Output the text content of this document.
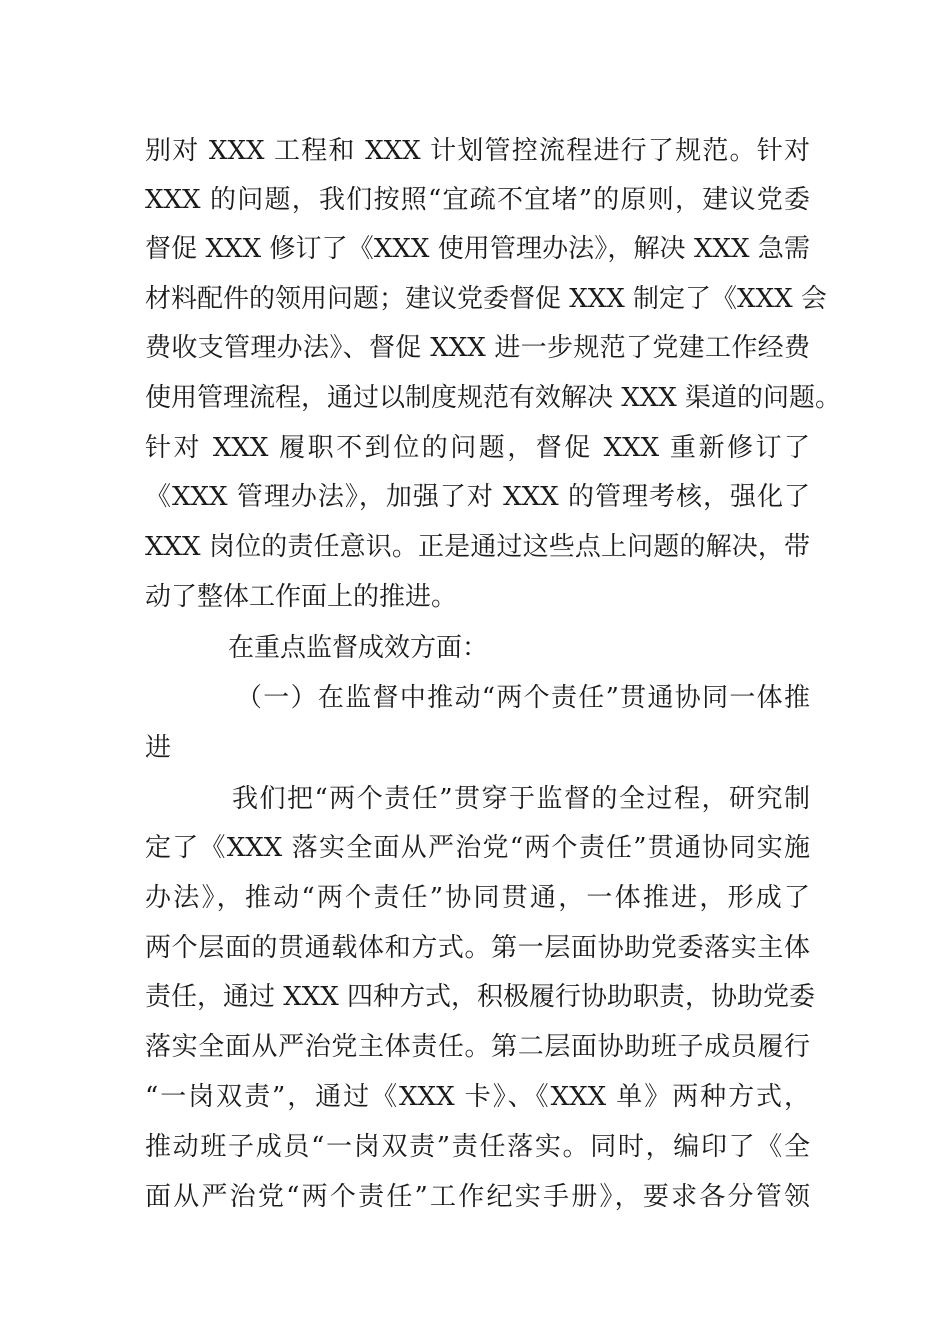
别对 XXX 工程和 XXX 计划管控流程进行了规范。针对
XXX 的问题，我们按照“宜疏不宜堵”的原则，建议党委
督促 XXX 修订了《XXX 使用管理办法》，解决 XXX 急需
材料配件的领用问题；建议党委督促 XXX 制定了《XXX 会
费收支管理办法》、督促 XXX 进一步规范了党建工作经费
使用管理流程，通过以制度规范有效解决 XXX 渠道的问题。
针对 XXX 履职不到位的问题，督促 XXX 重新修订了
《XXX 管理办法》，加强了对 XXX 的管理考核，强化了
XXX 岗位的责任意识。正是通过这些点上问题的解决，带
动了整体工作面上的推进。
在重点监督成效方面：
（一）在监督中推动“两个责任”贯通协同一体推
进
我们把“两个责任”贯穿于监督的全过程，研究制
定了《XXX 落实全面从严治党“两个责任”贯通协同实施
办法》，推动“两个责任”协同贯通，一体推进，形成了
两个层面的贯通载体和方式。第一层面协助党委落实主体
责任，通过 XXX 四种方式，积极履行协助职责，协助党委
落实全面从严治党主体责任。第二层面协助班子成员履行
“一岗双责”，通过《XXX 卡》、《XXX 单》两种方式，
推动班子成员“一岗双责”责任落实。同时，编印了《全
面从严治党“两个责任”工作纪实手册》，要求各分管领
